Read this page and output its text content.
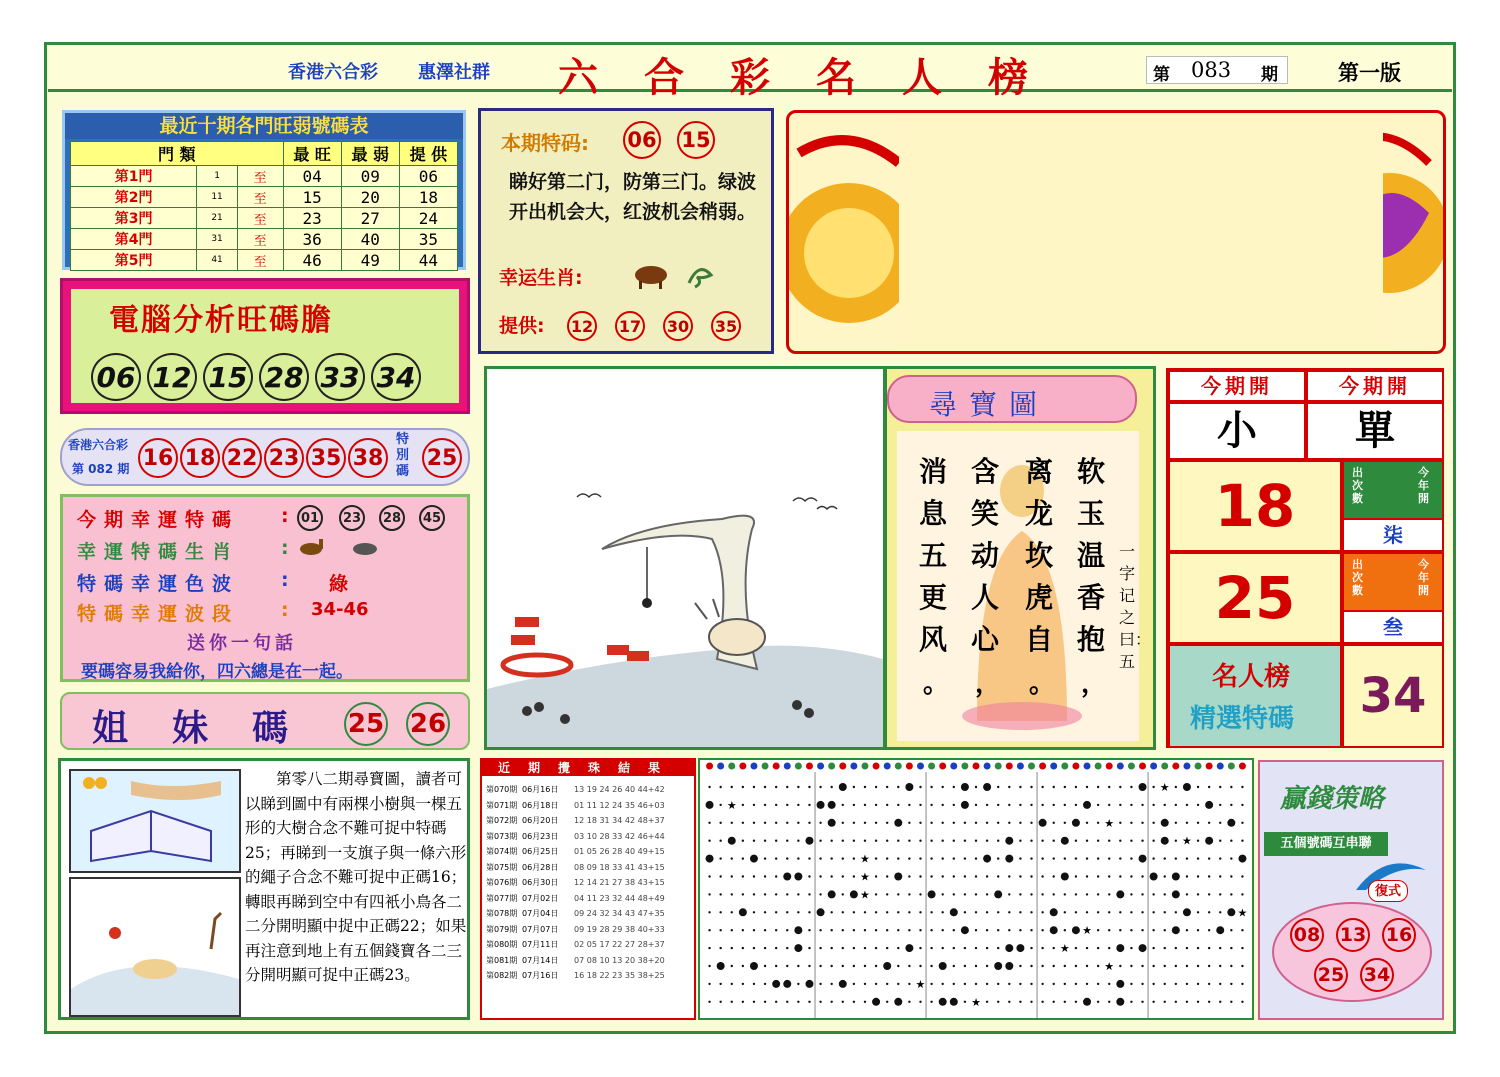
香港六合彩 惠澤社群 六合彩名人榜	第 083 期	第一版
最近十期各門旺弱號碼表
門 類			最 旺	最 弱	提 供
第1門	1	至	04	09	06
第2門	11	至	15	20	18
第3門	21	至	23	27	24
第4門	31	至	36	40	35
第5門	41	至	46	49	44
本期特码: 06 15
睇好第二门，防第三门。绿波开出机会大，红波机会稍弱。
幸运生肖:
提供: 12 17 30 35
電腦分析旺碼膽
06 12 15 28 33 34
香港六合彩
第 082 期 16 18 22 23 35 38
特別碼
25
今期幸運特碼 : 01	23	28	45
幸運特碼生肖 :
特碼幸運色波 : 綠
特碼幸運波段 : 34-46
送你一句話
要碼容易我給你，四六總是在一起。
姐妹碼 25 26
尋寶圖
软玉温香抱
离龙坎虎自
含笑动人心
消息五更风
，
。
，
。
一字记之曰：五
今期開	今期開
小	單
18	出次數
今年開
柒
25	出次數
今年開
叁
名人榜
精選特碼	34
第零八二期尋寶圖，讀者可以睇到圖中有兩棵小樹與一棵五形的大樹合念不難可捉中特碼25；再睇到一支旗子與一條六形的繩子合念不難可捉中正碼16；轉眼再睇到空中有四衹小鳥各二二分開明顯中捉中正碼22；如果再注意到地上有五個錢寶各二三分開明顯可捉中正碼23。
近期攪珠結果
第070期 06月16日	13 19 24 26 40 44+42
第071期 06月18日	01 11 12 24 35 46+03
第072期 06月20日	12 18 31 34 42 48+37
第073期 06月23日	03 10 28 33 42 46+44
第074期 06月25日	01 05 26 28 40 49+15
第075期 06月28日	08 09 18 33 41 43+15
第076期 06月30日	12 14 21 27 38 43+15
第077期 07月02日	04 11 23 32 44 48+49
第078期 07月04日	09 24 32 34 43 47+35
第079期 07月07日	09 19 28 29 38 40+33
第080期 07月11日	02 05 17 22 27 28+37
第081期 07月14日	07 08 10 13 20 38+20
第082期 07月16日	16 18 22 23 35 38+25
★
★
★
★
★
★
★
★
★
★
★
★
★
贏錢策略
五個號碼互串聯
復式
08 13 16
25 34
